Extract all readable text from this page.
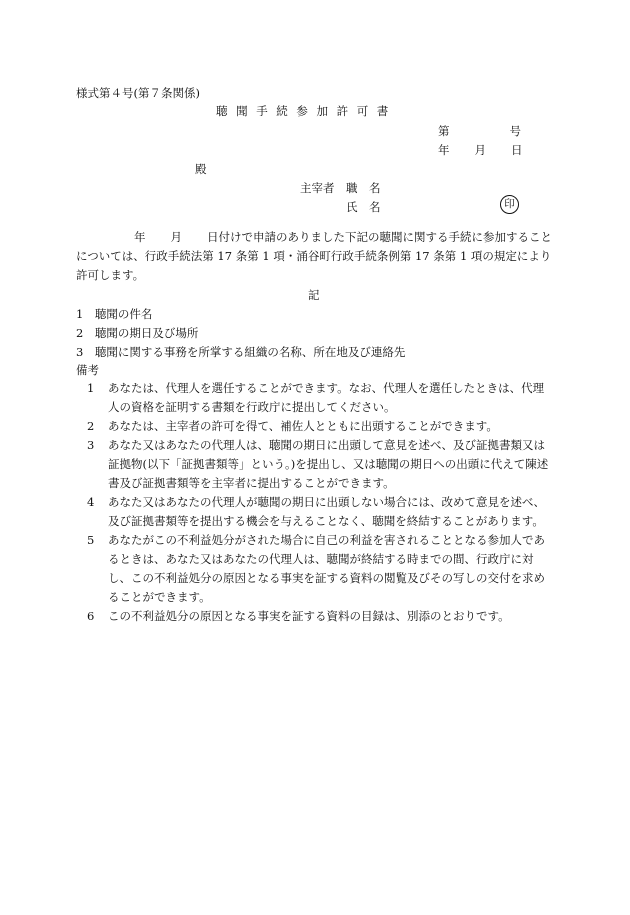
様式第４号(第７条関係)
聴聞手続参加許可書
第	号
年 月 日
殿
主宰者　職　名
氏　名	印
年 月 日付けで申請のありました下記の聴聞に関する手続に参加することについては、行政手続法第 17 条第 1 項・涌谷町行政手続条例第 17 条第 1 項の規定により許可します。
記
1　 聴聞の件名
2　 聴聞の期日及び場所
3　 聴聞に関する事務を所掌する組織の名称、所在地及び連絡先
備考
1 あなたは、代理人を選任することができます。なお、代理人を選任したときは、代理人の資格を証明する書類を行政庁に提出してください。
2 あなたは、主宰者の許可を得て、補佐人とともに出頭することができます。
3 あなた又はあなたの代理人は、聴聞の期日に出頭して意見を述べ、及び証拠書類又は証拠物(以下「証拠書類等」という。)を提出し、又は聴聞の期日への出頭に代えて陳述書及び証拠書類等を主宰者に提出することができます。
4 あなた又はあなたの代理人が聴聞の期日に出頭しない場合には、改めて意見を述べ、及び証拠書類等を提出する機会を与えることなく、聴聞を終結することがあります。
5 あなたがこの不利益処分がされた場合に自己の利益を害されることとなる参加人であるときは、あなた又はあなたの代理人は、聴聞が終結する時までの間、行政庁に対し、この不利益処分の原因となる事実を証する資料の閲覧及びその写しの交付を求めることができます。
6 この不利益処分の原因となる事実を証する資料の目録は、別添のとおりです。
